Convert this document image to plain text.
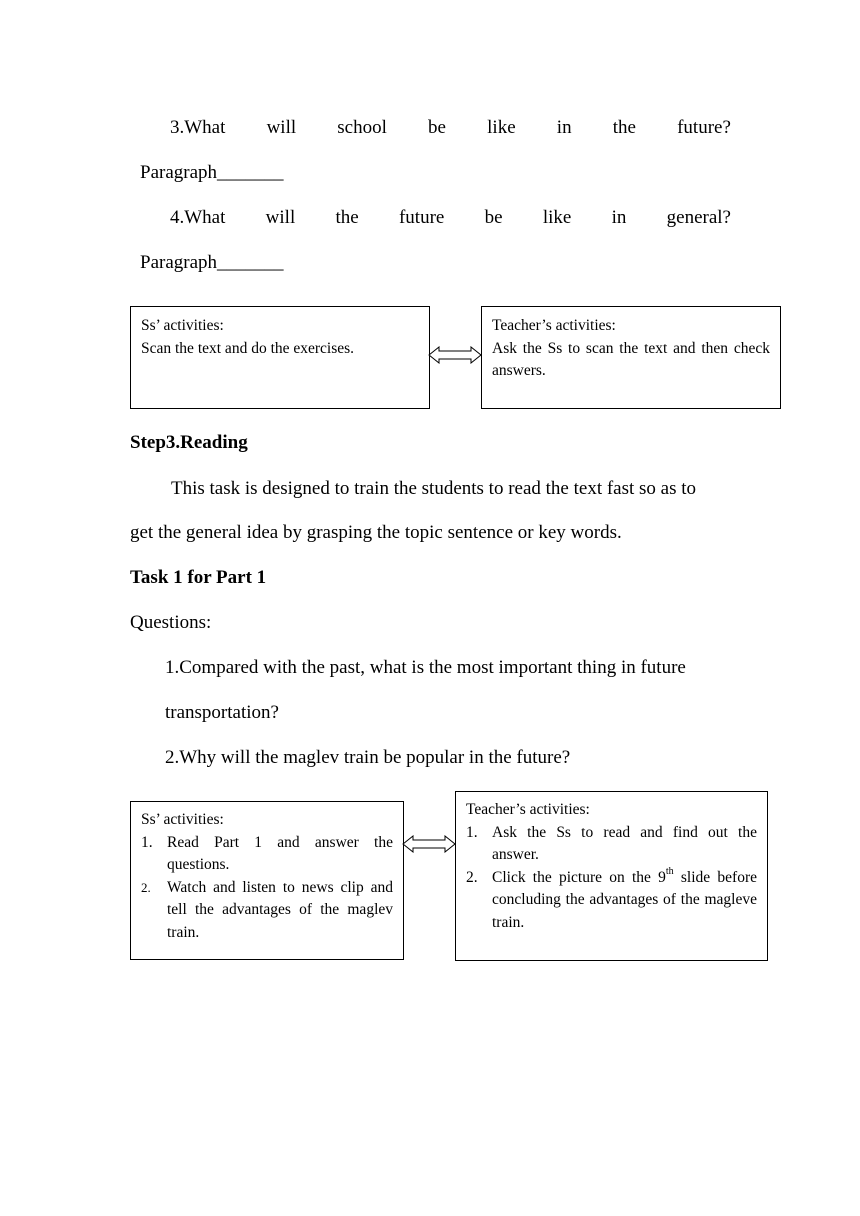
3.What will school be like in the future?
Paragraph_______
4.What will the future be like in general?
Paragraph_______

Ss’ activities:

Scan the text and do the exercises.

Teacher’s activities:

Ask the Ss to scan the text and then check answers.

Step3.Reading
This task is designed to train the students to read the text fast so as to
get the general idea by grasping the topic sentence or key words.
Task 1 for Part 1
Questions:
1.Compared with the past, what is the most important thing in future
transportation?
2.Why will the maglev train be popular in the future?

Ss’ activities:

1. Read Part 1 and answer the questions.
2. Watch and listen to news clip and tell the advantages of the maglev train.

Teacher’s activities:

1. Ask the Ss to read and find out the answer.
2. Click the picture on the 9th slide before concluding the advantages of the magleve train.
